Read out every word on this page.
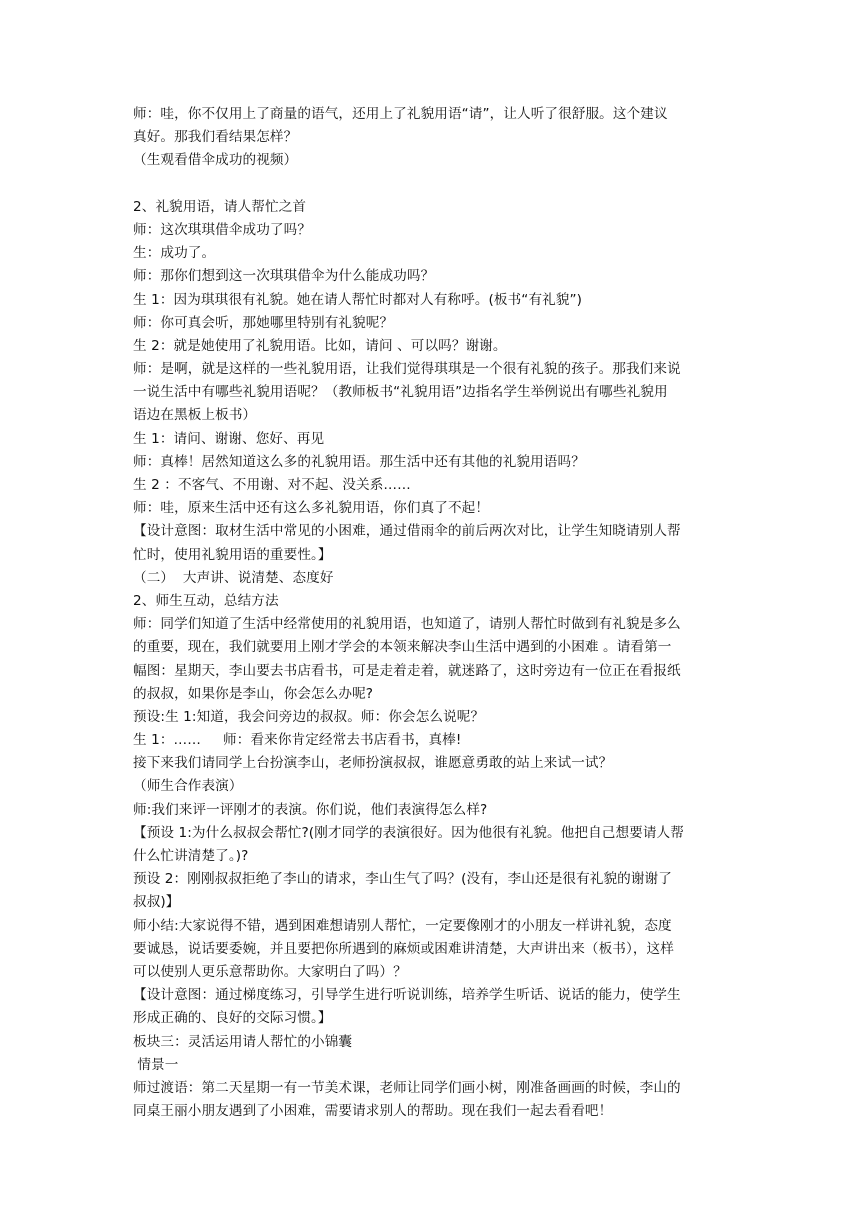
师：哇，你不仅用上了商量的语气，还用上了礼貌用语“请”，让人听了很舒服。这个建议
真好。那我们看结果怎样？
（生观看借伞成功的视频）
2、礼貌用语，请人帮忙之首
师：这次琪琪借伞成功了吗？
生：成功了。
师：那你们想到这一次琪琪借伞为什么能成功吗？
生 1：因为琪琪很有礼貌。她在请人帮忙时都对人有称呼。(板书“有礼貌”)
师：你可真会听，那她哪里特别有礼貌呢？
生 2：就是她使用了礼貌用语。比如，请问 、可以吗？谢谢。
师：是啊，就是这样的一些礼貌用语，让我们觉得琪琪是一个很有礼貌的孩子。那我们来说
一说生活中有哪些礼貌用语呢？（教师板书“礼貌用语”边指名学生举例说出有哪些礼貌用
语边在黑板上板书）
生 1：请问、谢谢、您好、再见
师：真棒！居然知道这么多的礼貌用语。那生活中还有其他的礼貌用语吗？
生 2 ：不客气、不用谢、对不起、没关系……
师：哇，原来生活中还有这么多礼貌用语，你们真了不起！
【设计意图：取材生活中常见的小困难，通过借雨伞的前后两次对比，让学生知晓请别人帮
忙时，使用礼貌用语的重要性。】
（二）  大声讲、说清楚、态度好
2、师生互动，总结方法
师：同学们知道了生活中经常使用的礼貌用语，也知道了，请别人帮忙时做到有礼貌是多么
的重要，现在，我们就要用上刚才学会的本领来解决李山生活中遇到的小困难 。请看第一
幅图：星期天，李山要去书店看书，可是走着走着，就迷路了，这时旁边有一位正在看报纸
的叔叔，如果你是李山，你会怎么办呢?
预设:生 1:知道，我会问旁边的叔叔。师：你会怎么说呢？
生 1：……     师：看来你肯定经常去书店看书，真棒!
接下来我们请同学上台扮演李山，老师扮演叔叔，谁愿意勇敢的站上来试一试？
（师生合作表演）
师:我们来评一评刚才的表演。你们说，他们表演得怎么样?
【预设 1:为什么叔叔会帮忙?(刚才同学的表演很好。因为他很有礼貌。他把自己想要请人帮
什么忙讲清楚了。)?
预设 2：刚刚叔叔拒绝了李山的请求，李山生气了吗？(没有，李山还是很有礼貌的谢谢了
叔叔)】
师小结:大家说得不错，遇到困难想请别人帮忙，一定要像刚才的小朋友一样讲礼貌，态度
要诚恳，说话要委婉，并且要把你所遇到的麻烦或困难讲清楚，大声讲出来（板书），这样
可以使别人更乐意帮助你。大家明白了吗）？
【设计意图：通过梯度练习，引导学生进行听说训练，培养学生听话、说话的能力，使学生
形成正确的、良好的交际习惯。】
板块三：灵活运用请人帮忙的小锦囊
情景一
师过渡语：第二天星期一有一节美术课，老师让同学们画小树，刚准备画画的时候，李山的
同桌王丽小朋友遇到了小困难，需要请求别人的帮助。现在我们一起去看看吧！
